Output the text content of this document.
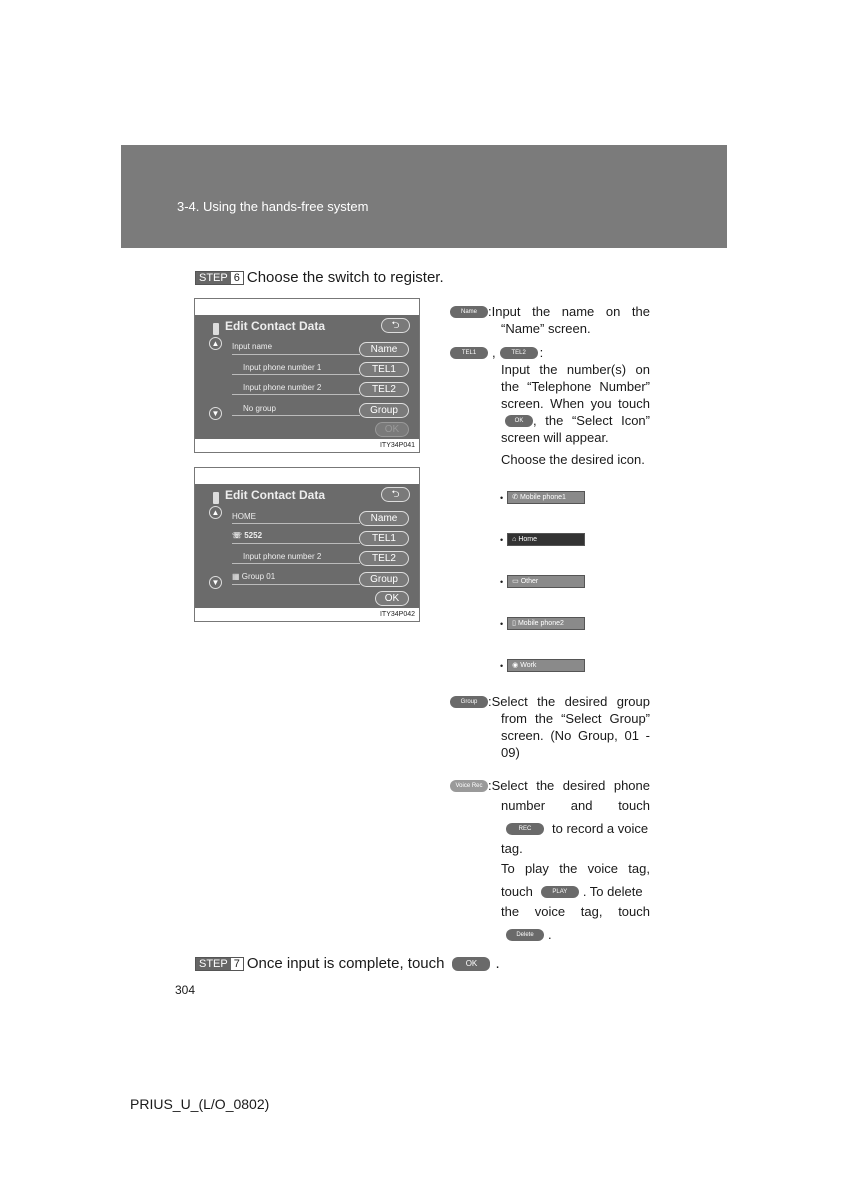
3-4. Using the hands-free system
STEP 6 Choose the switch to register.
Edit Contact Data	⮌
▲
▼
Input name
Input phone number 1
Input phone number 2
No group
Name
TEL1
TEL2
Group
OK
ITY34P041
Edit Contact Data	⮌
▲
▼
HOME
☏ 5252
Input phone number 2
▦ Group 01
Name
TEL1
TEL2
Group
OK
ITY34P042
Name :Input the name on the
“Name” screen.
TEL1	,	TEL2	:
Input the number(s) on
the “Telephone Number”
screen. When you touch
OK , the “Select Icon”
screen will appear.
Choose the desired icon.
•	✆ Mobile phone1
•	⌂ Home
•	▭ Other
•	▯ Mobile phone2
•	◉ Work
Group :Select the desired group
from the “Select Group”
screen. (No Group, 01 -
09)
Voice Rec :Select the desired phone
number and touch
REC	to record a voice
tag.
To play the voice tag,
touch	PLAY	. To delete
the voice tag, touch
Delete	.
STEP 7 Once input is complete, touch	OK	.
304
PRIUS_U_(L/O_0802)
